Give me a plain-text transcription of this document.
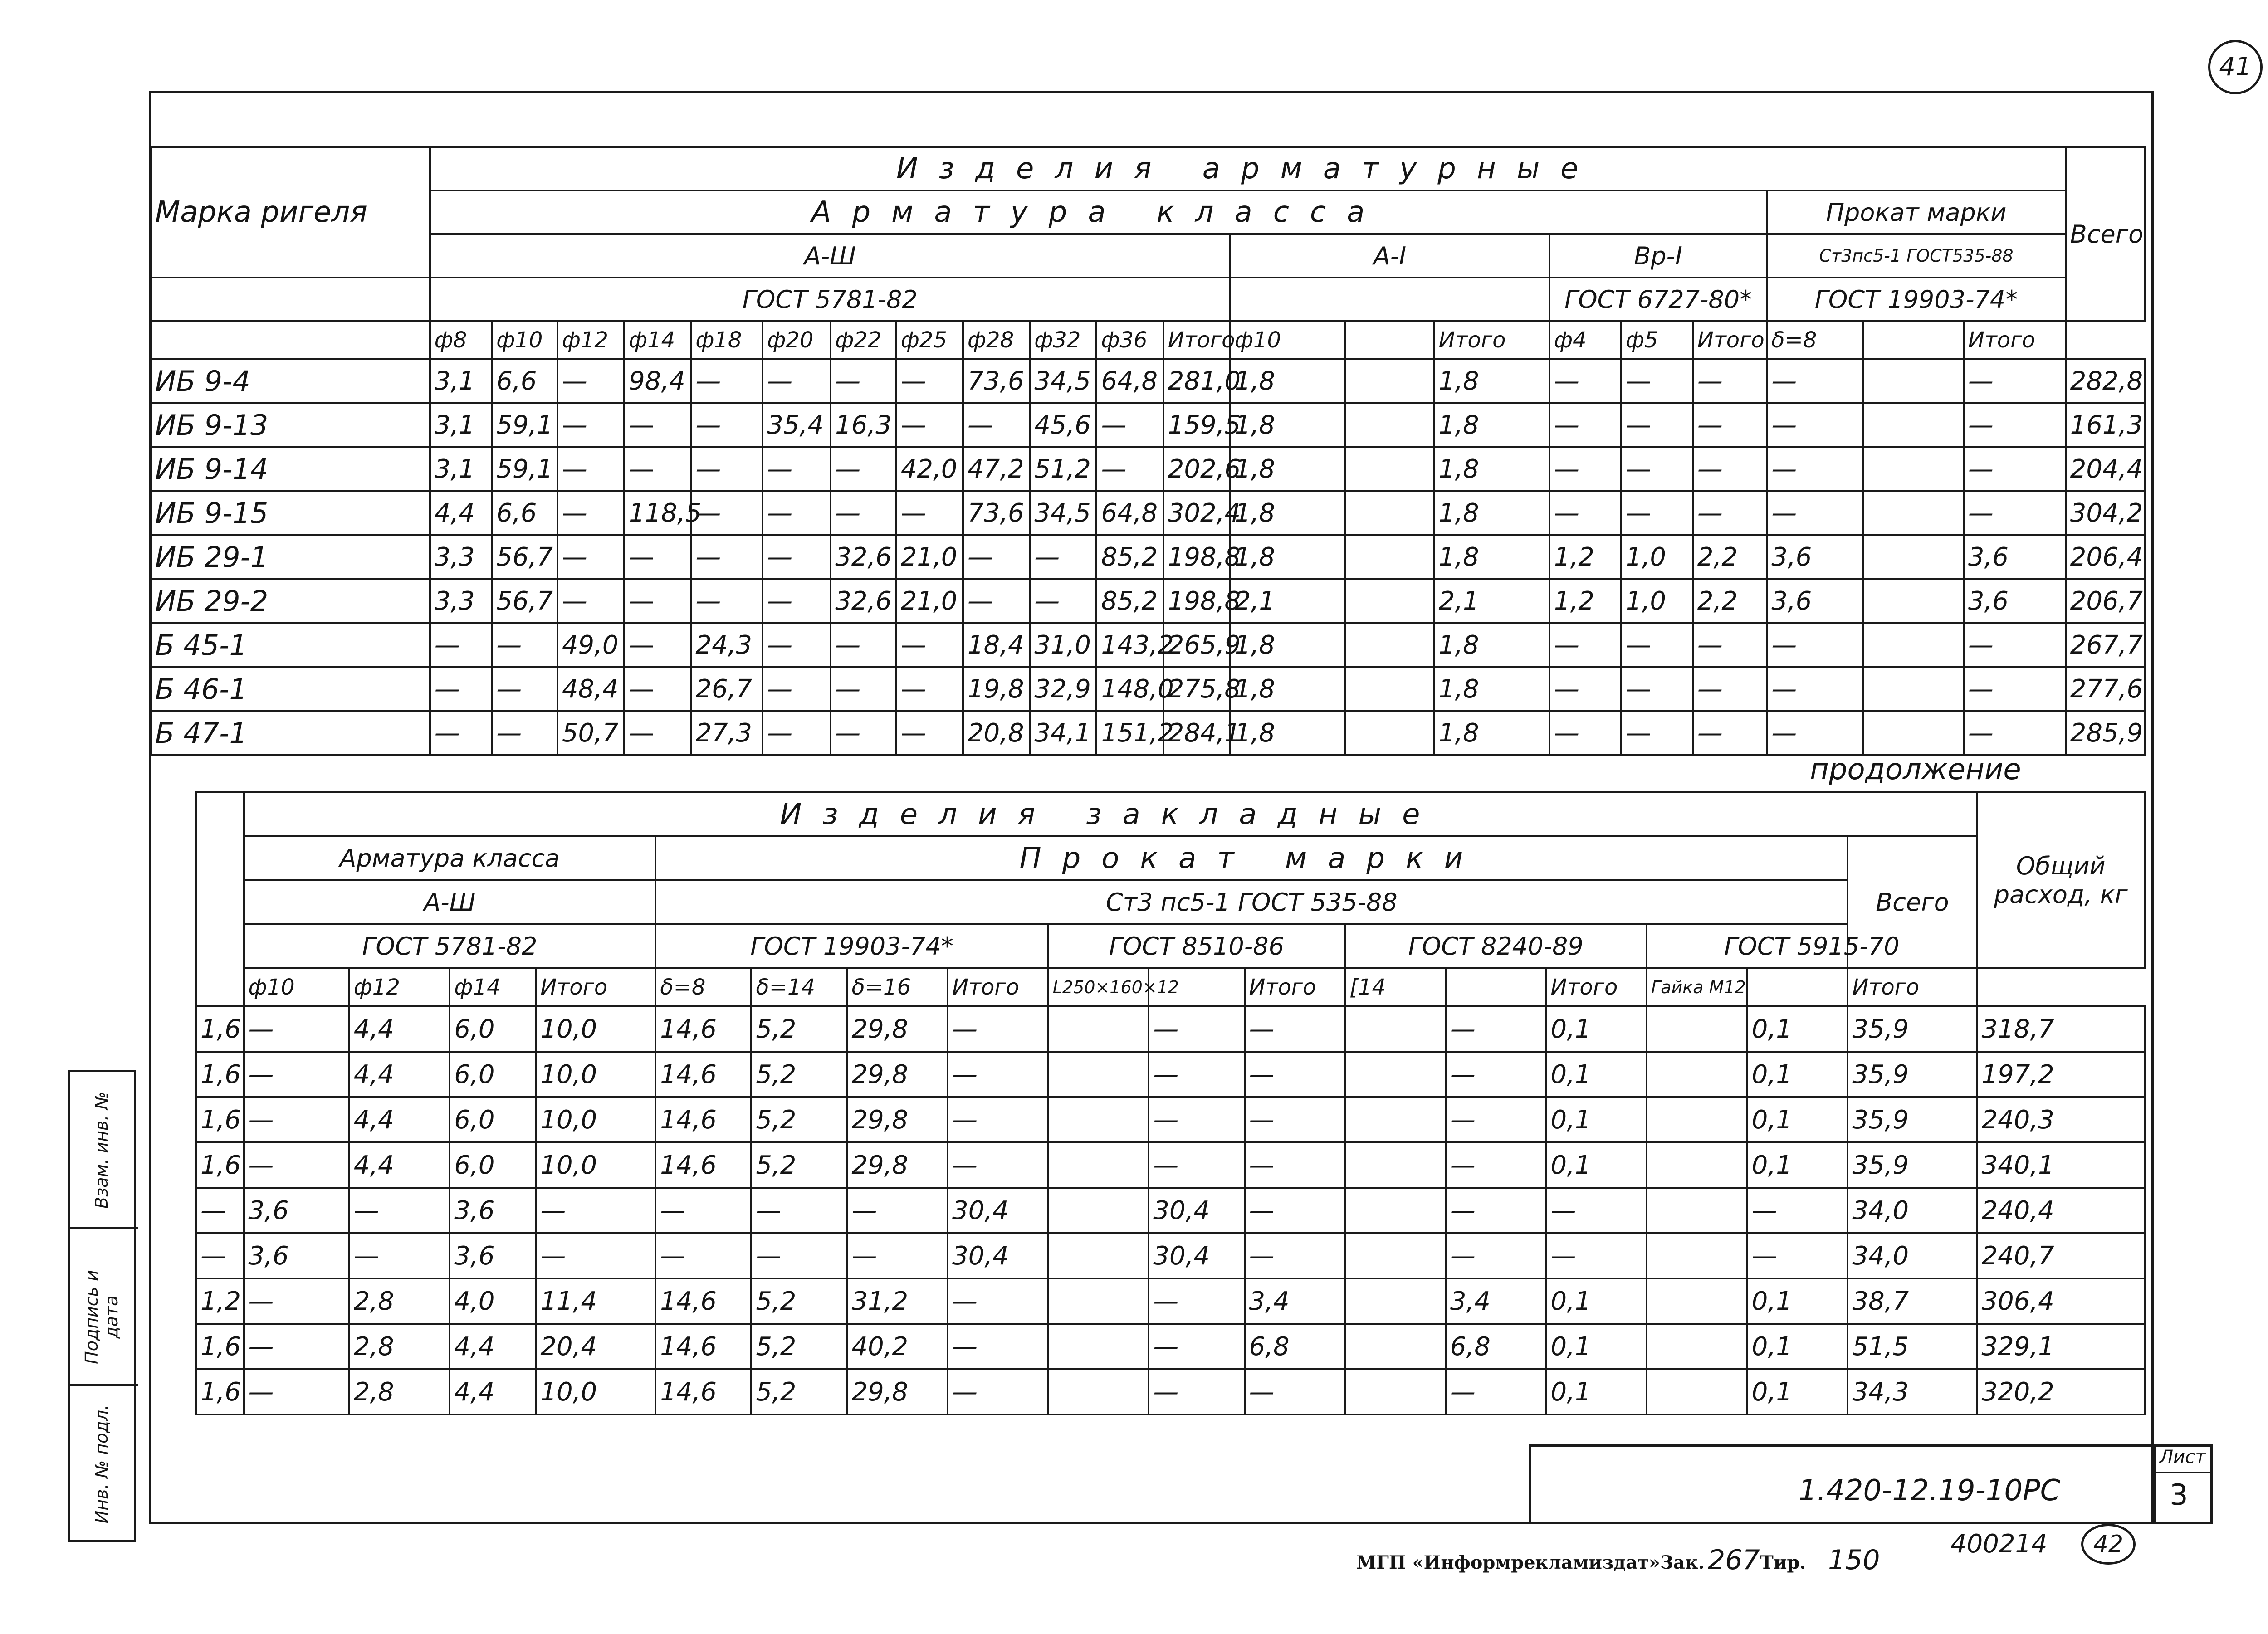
41
Взам. инв. №
Подпись и дата
Инв. № подл.
Марка ригеля	Изделия арматурные																					Всего
	Арматура класса																		Прокат марки			
	А-Ш												А-I			Вр-I			Ст3пс5-1 ГОСТ535-88			
	ГОСТ 5781-82															ГОСТ 6727-80*			ГОСТ 19903-74*			
	ф8	ф10	ф12	ф14	ф18	ф20	ф22	ф25	ф28	ф32	ф36	Итого	ф10		Итого	ф4	ф5	Итого	δ=8		Итого	
ИБ 9-4	3,1	6,6	—	98,4	—	—	—	—	73,6	34,5	64,8	281,0	1,8		1,8	—	—	—	—		—	282,8
ИБ 9-13	3,1	59,1	—	—	—	35,4	16,3	—	—	45,6	—	159,5	1,8		1,8	—	—	—	—		—	161,3
ИБ 9-14	3,1	59,1	—	—	—	—	—	42,0	47,2	51,2	—	202,6	1,8		1,8	—	—	—	—		—	204,4
ИБ 9-15	4,4	6,6	—	118,5	—	—	—	—	73,6	34,5	64,8	302,4	1,8		1,8	—	—	—	—		—	304,2
ИБ 29-1	3,3	56,7	—	—	—	—	32,6	21,0	—	—	85,2	198,8	1,8		1,8	1,2	1,0	2,2	3,6		3,6	206,4
ИБ 29-2	3,3	56,7	—	—	—	—	32,6	21,0	—	—	85,2	198,8	2,1		2,1	1,2	1,0	2,2	3,6		3,6	206,7
Б 45-1	—	—	49,0	—	24,3	—	—	—	18,4	31,0	143,2	265,9	1,8		1,8	—	—	—	—		—	267,7
Б 46-1	—	—	48,4	—	26,7	—	—	—	19,8	32,9	148,0	275,8	1,8		1,8	—	—	—	—		—	277,6
Б 47-1	—	—	50,7	—	27,3	—	—	—	20,8	34,1	151,2	284,1	1,8		1,8	—	—	—	—		—	285,9
продолжение
	Изделия закладные																	Общий расход, кг
	Арматура класса				Прокат марки												Всего	
	А-Ш				Ст3 пс5-1 ГОСТ 535-88													
	ГОСТ 5781-82				ГОСТ 19903-74*				ГОСТ 8510-86			ГОСТ 8240-89			ГОСТ 5915-70			
	ф10	ф12	ф14	Итого	δ=8	δ=14	δ=16	Итого	L250×160×12		Итого	[14		Итого	Гайка М12		Итого	
1,6	—	4,4	6,0	10,0	14,6	5,2	29,8	—		—	—		—	0,1		0,1	35,9	318,7
1,6	—	4,4	6,0	10,0	14,6	5,2	29,8	—		—	—		—	0,1		0,1	35,9	197,2
1,6	—	4,4	6,0	10,0	14,6	5,2	29,8	—		—	—		—	0,1		0,1	35,9	240,3
1,6	—	4,4	6,0	10,0	14,6	5,2	29,8	—		—	—		—	0,1		0,1	35,9	340,1
—	3,6	—	3,6	—	—	—	—	30,4		30,4	—		—	—		—	34,0	240,4
—	3,6	—	3,6	—	—	—	—	30,4		30,4	—		—	—		—	34,0	240,7
1,2	—	2,8	4,0	11,4	14,6	5,2	31,2	—		—	3,4		3,4	0,1		0,1	38,7	306,4
1,6	—	2,8	4,4	20,4	14,6	5,2	40,2	—		—	6,8		6,8	0,1		0,1	51,5	329,1
1,6	—	2,8	4,4	10,0	14,6	5,2	29,8	—		—	—		—	0,1		0,1	34,3	320,2
1.420-12.19-10РС
Лист
3
МГП «Информрекламиздат» Зак. 267 Тир. 150
400214	42
